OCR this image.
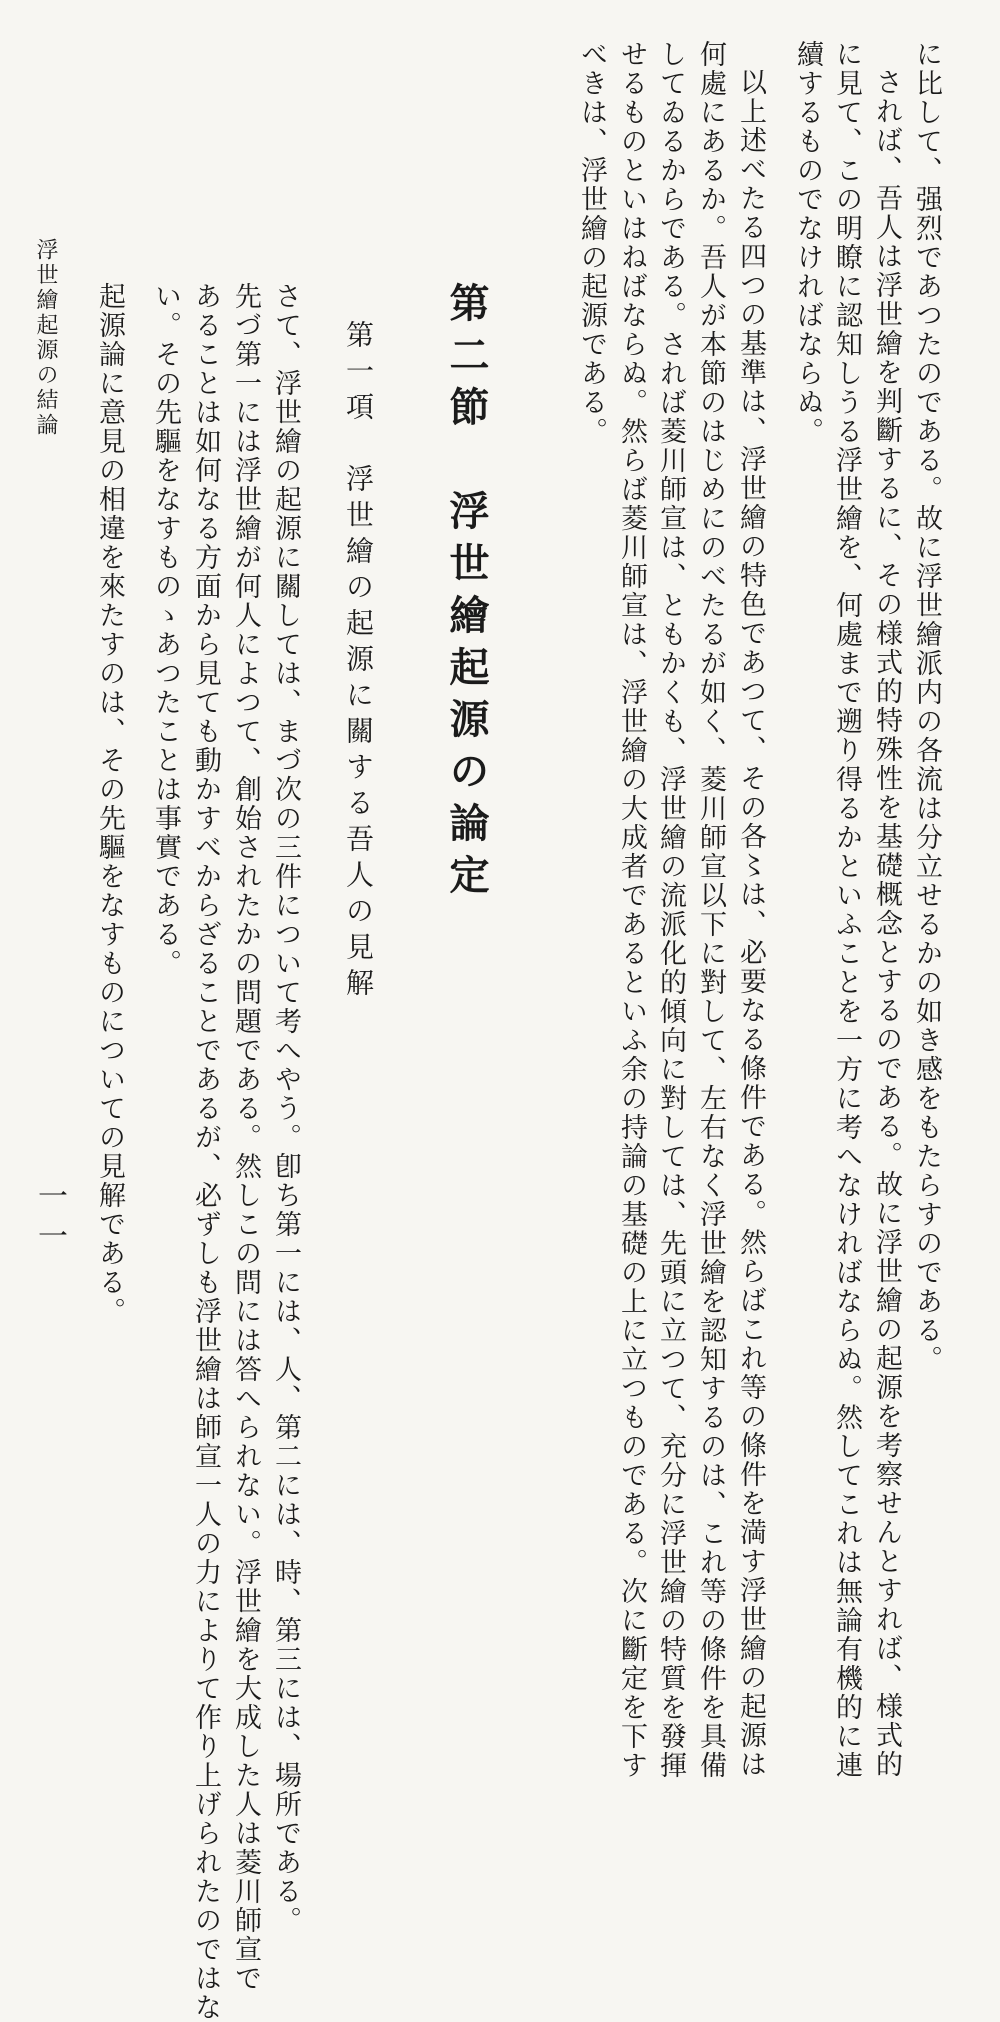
に比して、强烈であつたのである。故に浮世繪派内の各流は分立せるかの如き感をもたらすのである。
されば、吾人は浮世繪を判斷するに、その様式的特殊性を基礎概念とするのである。故に浮世繪の起源を考察せんとすれば、様式的
に見て、この明瞭に認知しうる浮世繪を、何處まで遡り得るかといふことを一方に考へなければならぬ。然してこれは無論有機的に連
續するものでなければならぬ。
以上述べたる四つの基準は、浮世繪の特色であつて、その各〻は、必要なる條件である。然らばこれ等の條件を満す浮世繪の起源は
何處にあるか。吾人が本節のはじめにのべたるが如く、菱川師宣以下に對して、左右なく浮世繪を認知するのは、これ等の條件を具備
してゐるからである。されば菱川師宣は、ともかくも、浮世繪の流派化的傾向に對しては、先頭に立つて、充分に浮世繪の特質を發揮
せるものといはねばならぬ。然らば菱川師宣は、浮世繪の大成者であるといふ余の持論の基礎の上に立つものである。次に斷定を下す
べきは、浮世繪の起源である。
第二節　浮世繪起源の論定
第一項　浮世繪の起源に關する吾人の見解
さて、浮世繪の起源に關しては、まづ次の三件について考へやう。卽ち第一には、人、第二には、時、第三には、場所である。
先づ第一には浮世繪が何人によつて、創始されたかの問題である。然しこの問には答へられない。浮世繪を大成した人は菱川師宣で
あることは如何なる方面から見ても動かすべからざることであるが、必ずしも浮世繪は師宣一人の力によりて作り上げられたのではな
い。その先驅をなすものゝあつたことは事實である。
起源論に意見の相違を來たすのは、その先驅をなすものについての見解である。
浮世繪起源の結論
一一
